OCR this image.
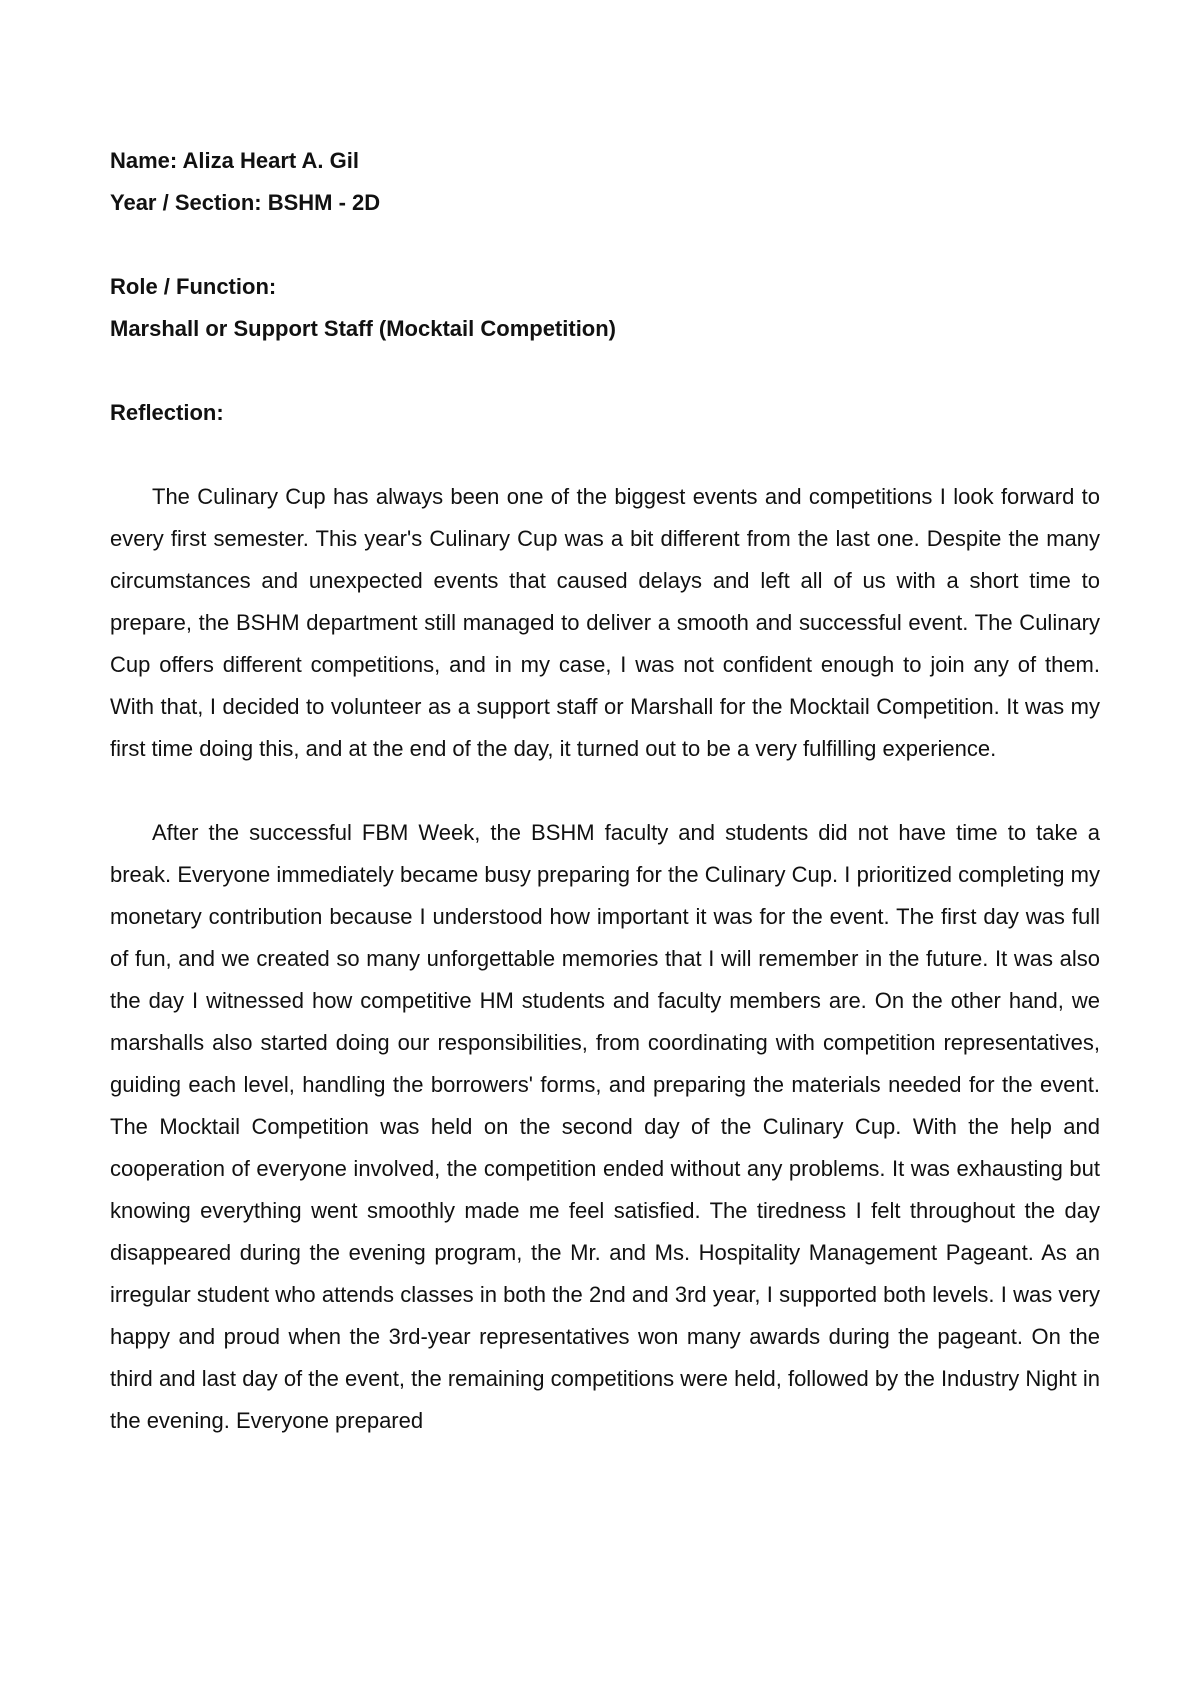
Name: Aliza Heart A. Gil

Year / Section: BSHM - 2D

Role / Function:

Marshall or Support Staff (Mocktail Competition)

Reflection:

The Culinary Cup has always been one of the biggest events and competitions I look forward to every first semester. This year's Culinary Cup was a bit different from the last one. Despite the many circumstances and unexpected events that caused delays and left all of us with a short time to prepare, the BSHM department still managed to deliver a smooth and successful event. The Culinary Cup offers different competitions, and in my case, I was not confident enough to join any of them. With that, I decided to volunteer as a support staff or Marshall for the Mocktail Competition. It was my first time doing this, and at the end of the day, it turned out to be a very fulfilling experience.

After the successful FBM Week, the BSHM faculty and students did not have time to take a break. Everyone immediately became busy preparing for the Culinary Cup. I prioritized completing my monetary contribution because I understood how important it was for the event. The first day was full of fun, and we created so many unforgettable memories that I will remember in the future. It was also the day I witnessed how competitive HM students and faculty members are. On the other hand, we marshalls also started doing our responsibilities, from coordinating with competition representatives, guiding each level, handling the borrowers' forms, and preparing the materials needed for the event. The Mocktail Competition was held on the second day of the Culinary Cup. With the help and cooperation of everyone involved, the competition ended without any problems. It was exhausting but knowing everything went smoothly made me feel satisfied. The tiredness I felt throughout the day disappeared during the evening program, the Mr. and Ms. Hospitality Management Pageant. As an irregular student who attends classes in both the 2nd and 3rd year, I supported both levels. I was very happy and proud when the 3rd-year representatives won many awards during the pageant. On the third and last day of the event, the remaining competitions were held, followed by the Industry Night in the evening. Everyone prepared
